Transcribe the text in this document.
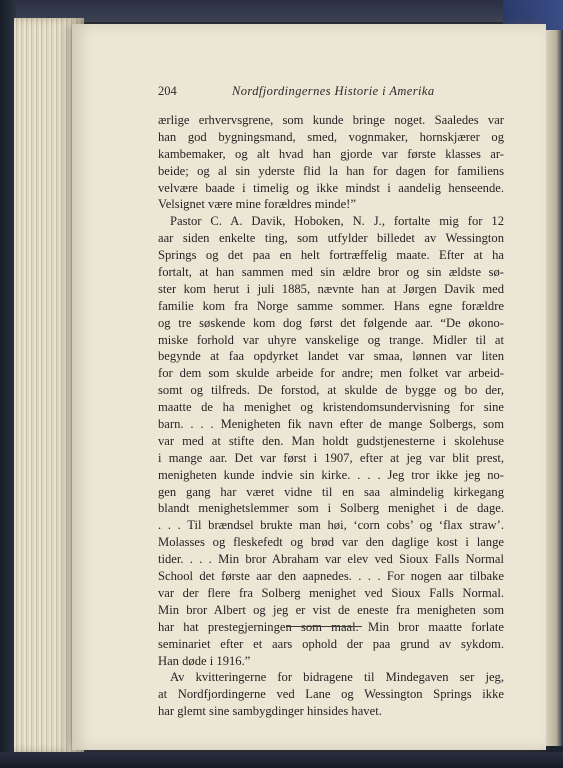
204	Nordfjordingernes Historie i Amerika
ærlige erhvervsgrene, som kunde bringe noget. Saaledes var
han god bygningsmand, smed, vognmaker, hornskjærer og
kambemaker, og alt hvad han gjorde var første klasses ar-
beide; og al sin yderste flid la han for dagen for familiens
velvære baade i timelig og ikke mindst i aandelig henseende.
Velsignet være mine forældres minde!”
Pastor C. A. Davik, Hoboken, N. J., fortalte mig for 12
aar siden enkelte ting, som utfylder billedet av Wessington
Springs og det paa en helt fortræffelig maate. Efter at ha
fortalt, at han sammen med sin ældre bror og sin ældste sø-
ster kom herut i juli 1885, nævnte han at Jørgen Davik med
familie kom fra Norge samme sommer. Hans egne forældre
og tre søskende kom dog først det følgende aar. “De økono-
miske forhold var uhyre vanskelige og trange. Midler til at
begynde at faa opdyrket landet var smaa, lønnen var liten
for dem som skulde arbeide for andre; men folket var arbeid-
somt og tilfreds. De forstod, at skulde de bygge og bo der,
maatte de ha menighet og kristendomsundervisning for sine
barn. . . . Menigheten fik navn efter de mange Solbergs, som
var med at stifte den. Man holdt gudstjenesterne i skolehuse
i mange aar. Det var først i 1907, efter at jeg var blit prest,
menigheten kunde indvie sin kirke. . . . Jeg tror ikke jeg no-
gen gang har været vidne til en saa almindelig kirkegang
blandt menighetslemmer som i Solberg menighet i de dage.
. . . Til brændsel brukte man høi, ‘corn cobs’ og ‘flax straw’.
Molasses og fleskefedt og brød var den daglige kost i lange
tider. . . . Min bror Abraham var elev ved Sioux Falls Normal
School det første aar den aapnedes. . . . For nogen aar tilbake
var der flere fra Solberg menighet ved Sioux Falls Normal.
Min bror Albert og jeg er vist de eneste fra menigheten som
har hat prestegjerningen som maal. Min bror maatte forlate
seminariet efter et aars ophold der paa grund av sykdom.
Han døde i 1916.”
Av kvitteringerne for bidragene til Mindegaven ser jeg,
at Nordfjordingerne ved Lane og Wessington Springs ikke
har glemt sine sambygdinger hinsides havet.
